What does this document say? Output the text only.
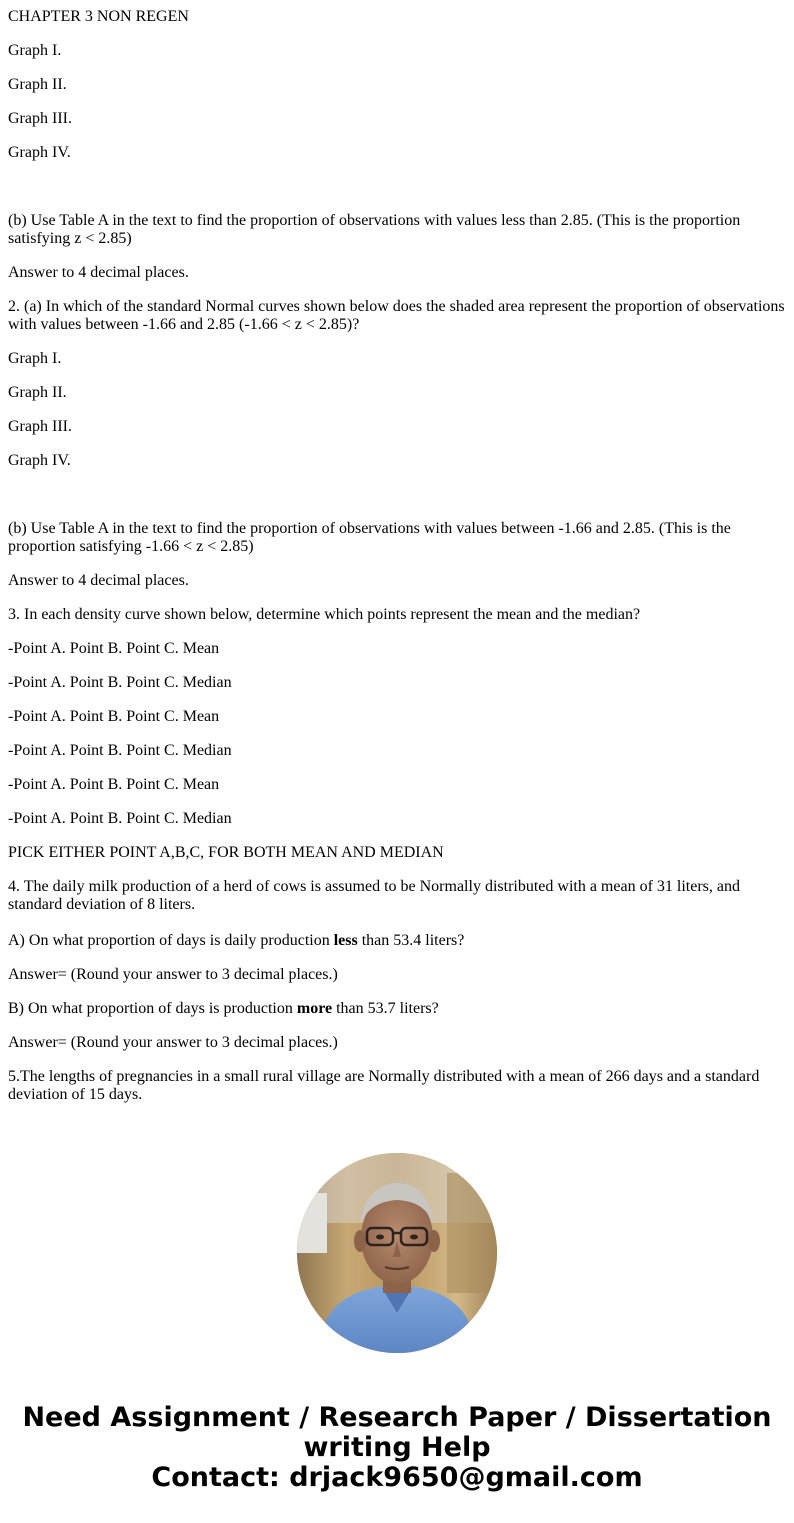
CHAPTER 3 NON REGEN

Graph I.

Graph II.

Graph III.

Graph IV.

(b) Use Table A in the text to find the proportion of observations with values less than 2.85. (This is the proportion satisfying z < 2.85)

Answer to 4 decimal places.

2. (a) In which of the standard Normal curves shown below does the shaded area represent the proportion of observations with values between -1.66 and 2.85 (-1.66 < z < 2.85)?

Graph I.

Graph II.

Graph III.

Graph IV.

(b) Use Table A in the text to find the proportion of observations with values between -1.66 and 2.85. (This is the proportion satisfying -1.66 < z < 2.85)

Answer to 4 decimal places.

3. In each density curve shown below, determine which points represent the mean and the median?

-Point A. Point B. Point C. Mean

-Point A. Point B. Point C. Median

-Point A. Point B. Point C. Mean

-Point A. Point B. Point C. Median

-Point A. Point B. Point C. Mean

-Point A. Point B. Point C. Median

PICK EITHER POINT A,B,C, FOR BOTH MEAN AND MEDIAN

4. The daily milk production of a herd of cows is assumed to be Normally distributed with a mean of 31 liters, and standard deviation of 8 liters.

A) On what proportion of days is daily production less than 53.4 liters?

Answer= (Round your answer to 3 decimal places.)

B) On what proportion of days is production more than 53.7 liters?

Answer= (Round your answer to 3 decimal places.)

5.The lengths of pregnancies in a small rural village are Normally distributed with a mean of 266 days and a standard deviation of 15 days.

Need Assignment / Research Paper / Dissertation
writing Help
Contact: drjack9650@gmail.com
